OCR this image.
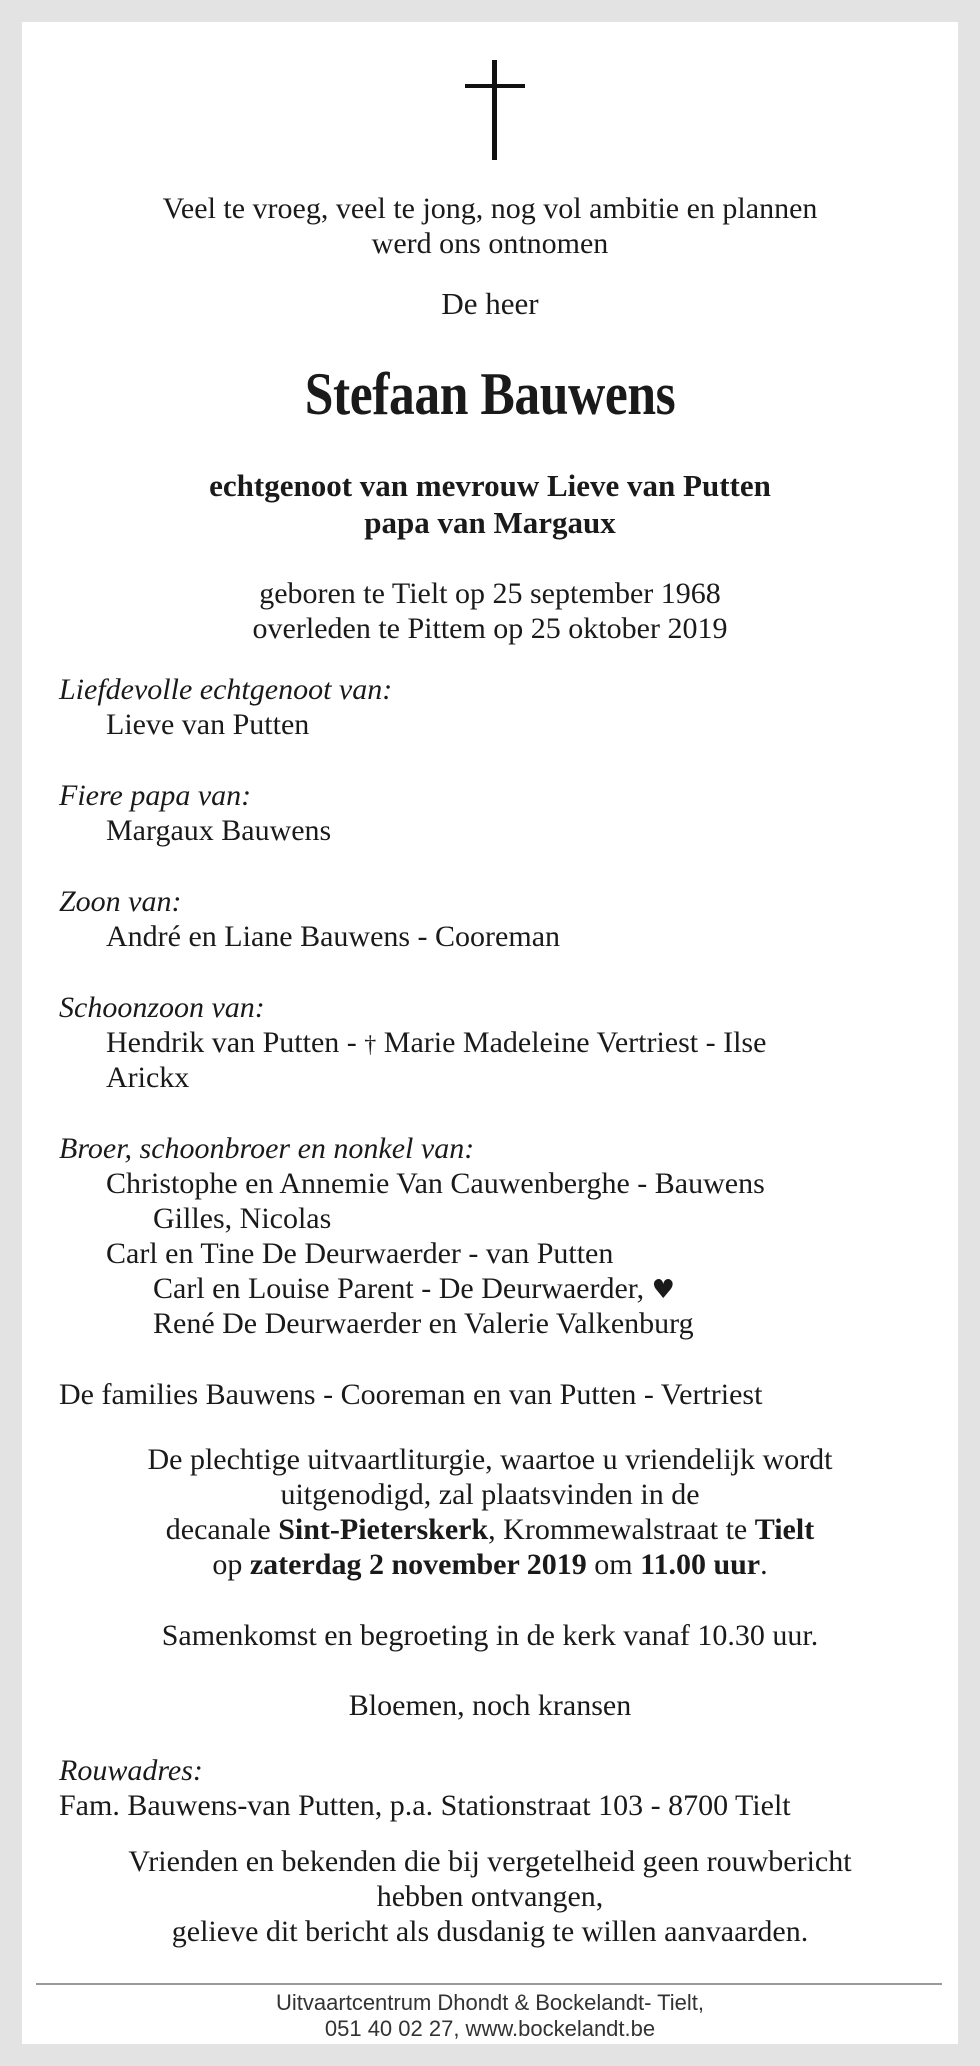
Veel te vroeg, veel te jong, nog vol ambitie en plannen
werd ons ontnomen
De heer
Stefaan Bauwens
echtgenoot van mevrouw Lieve van Putten
papa van Margaux
geboren te Tielt op 25 september 1968
overleden te Pittem op 25 oktober 2019
Liefdevolle echtgenoot van:
Lieve van Putten
Fiere papa van:
Margaux Bauwens
Zoon van:
André en Liane Bauwens - Cooreman
Schoonzoon van:
Hendrik van Putten - † Marie Madeleine Vertriest - Ilse
Arickx
Broer, schoonbroer en nonkel van:
Christophe en Annemie Van Cauwenberghe - Bauwens
Gilles, Nicolas
Carl en Tine De Deurwaerder - van Putten
Carl en Louise Parent - De Deurwaerder, ♥
René De Deurwaerder en Valerie Valkenburg
De families Bauwens - Cooreman en van Putten - Vertriest
De plechtige uitvaartliturgie, waartoe u vriendelijk wordt
uitgenodigd, zal plaatsvinden in de
decanale Sint-Pieterskerk, Krommewalstraat te Tielt
op zaterdag 2 november 2019 om 11.00 uur.
Samenkomst en begroeting in de kerk vanaf 10.30 uur.
Bloemen, noch kransen
Rouwadres:
Fam. Bauwens-van Putten, p.a. Stationstraat 103 - 8700 Tielt
Vrienden en bekenden die bij vergetelheid geen rouwbericht
hebben ontvangen,
gelieve dit bericht als dusdanig te willen aanvaarden.
Uitvaartcentrum Dhondt & Bockelandt- Tielt,
051 40 02 27, www.bockelandt.be
